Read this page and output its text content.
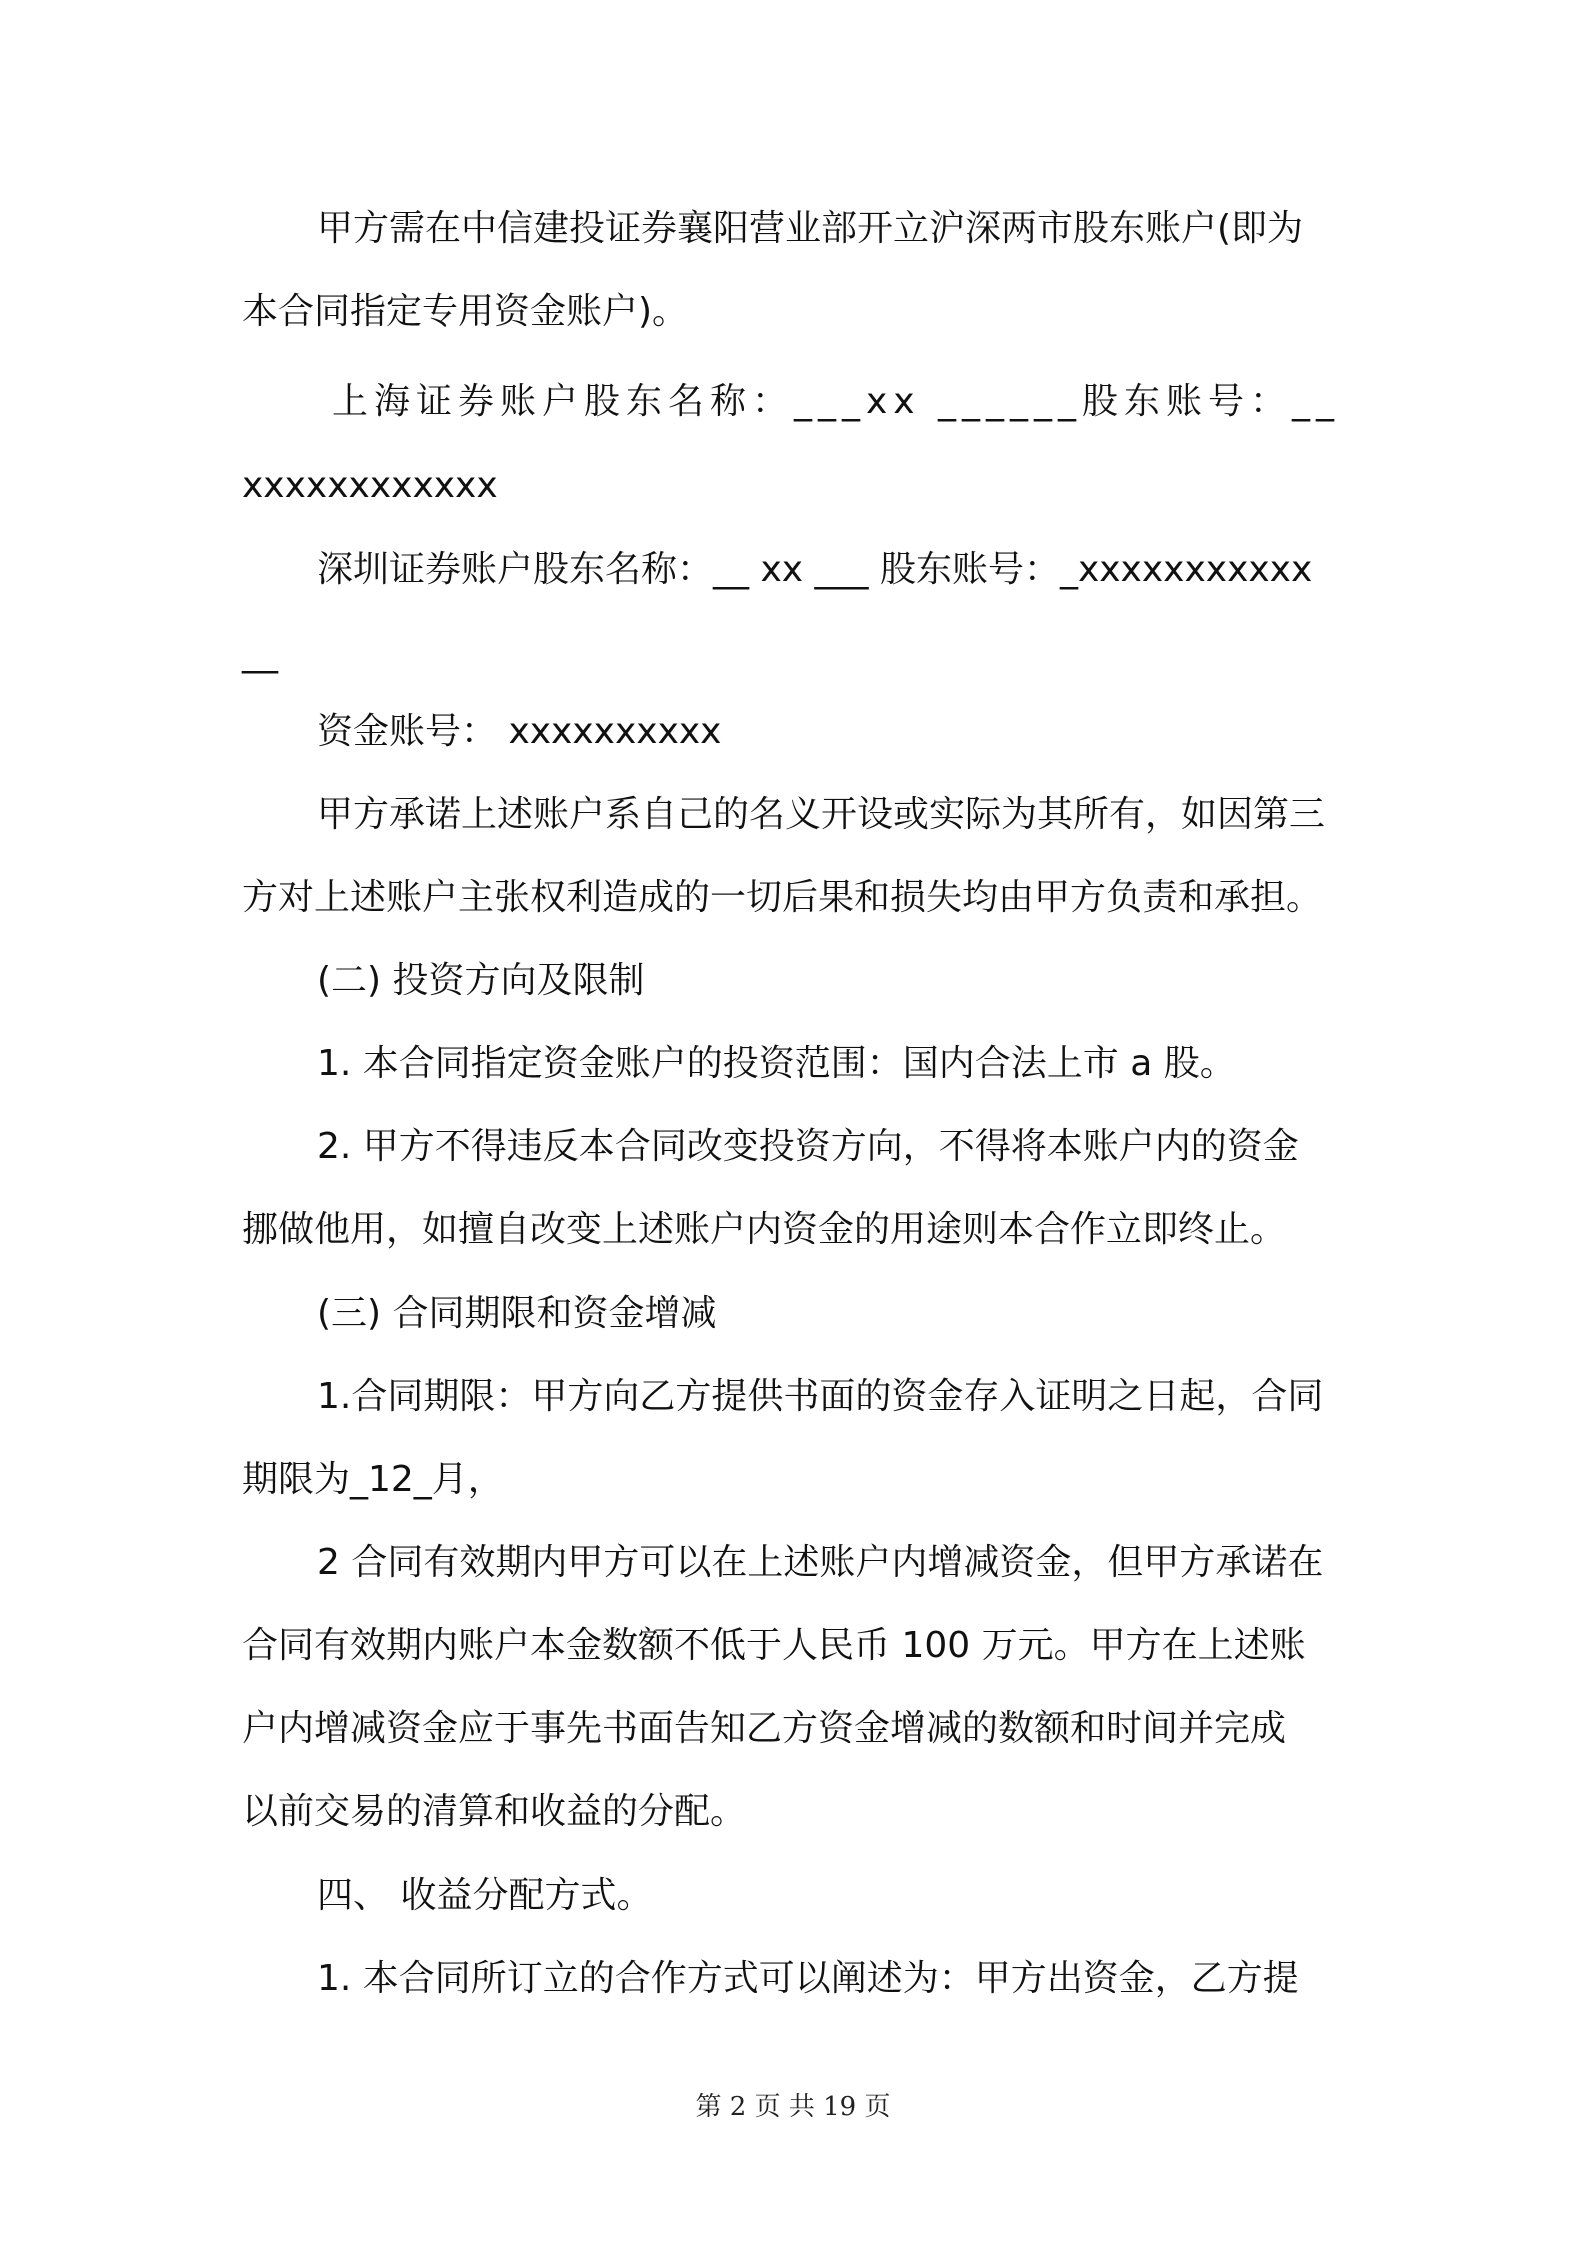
甲方需在中信建投证券襄阳营业部开立沪深两市股东账户(即为
本合同指定专用资金账户)。
上海证券账户股东名称：___xx ______股东账号：__
xxxxxxxxxxxx
深圳证券账户股东名称：__ xx ___ 股东账号：_xxxxxxxxxxx
__
资金账号： xxxxxxxxxx
甲方承诺上述账户系自己的名义开设或实际为其所有，如因第三
方对上述账户主张权利造成的一切后果和损失均由甲方负责和承担。
(二) 投资方向及限制
1. 本合同指定资金账户的投资范围：国内合法上市 a 股。
2. 甲方不得违反本合同改变投资方向，不得将本账户内的资金
挪做他用，如擅自改变上述账户内资金的用途则本合作立即终止。
(三) 合同期限和资金增减
1.合同期限：甲方向乙方提供书面的资金存入证明之日起，合同
期限为_12_月，
2 合同有效期内甲方可以在上述账户内增减资金，但甲方承诺在
合同有效期内账户本金数额不低于人民币 100 万元。甲方在上述账
户内增减资金应于事先书面告知乙方资金增减的数额和时间并完成
以前交易的清算和收益的分配。
四、 收益分配方式。
1. 本合同所订立的合作方式可以阐述为：甲方出资金，乙方提
第 2 页 共 19 页
